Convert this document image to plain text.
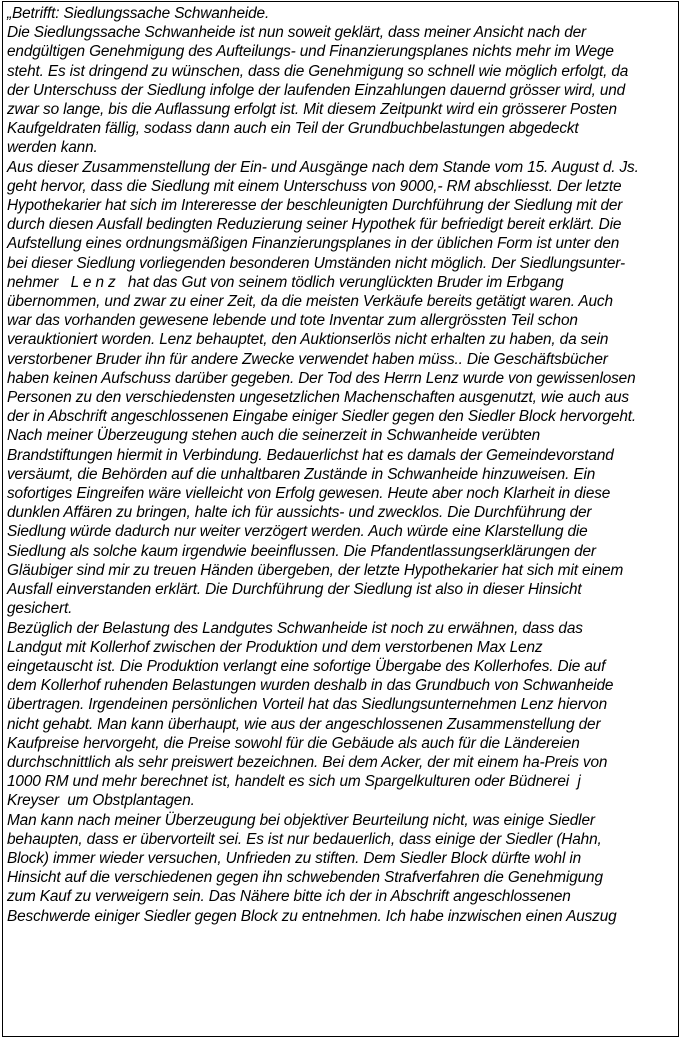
„Betrifft: Siedlungssache Schwanheide.
Die Siedlungssache Schwanheide ist nun soweit geklärt, dass meiner Ansicht nach der
endgültigen Genehmigung des Aufteilungs- und Finanzierungsplanes nichts mehr im Wege
steht. Es ist dringend zu wünschen, dass die Genehmigung so schnell wie möglich erfolgt, da
der Unterschuss der Siedlung infolge der laufenden Einzahlungen dauernd grösser wird, und
zwar so lange, bis die Auflassung erfolgt ist. Mit diesem Zeitpunkt wird ein grösserer Posten
Kaufgeldraten fällig, sodass dann auch ein Teil der Grundbuchbelastungen abgedeckt
werden kann.
Aus dieser Zusammenstellung der Ein- und Ausgänge nach dem Stande vom 15. August d. Js.
geht hervor, dass die Siedlung mit einem Unterschuss von 9000,- RM abschliesst. Der letzte
Hypothekarier hat sich im Intereresse der beschleunigten Durchführung der Siedlung mit der
durch diesen Ausfall bedingten Reduzierung seiner Hypothek für befriedigt bereit erklärt. Die
Aufstellung eines ordnungsmäßigen Finanzierungsplanes in der üblichen Form ist unter den
bei dieser Siedlung vorliegenden besonderen Umständen nicht möglich. Der Siedlungsunter-
nehmer   L e n z   hat das Gut von seinem tödlich verunglückten Bruder im Erbgang
übernommen, und zwar zu einer Zeit, da die meisten Verkäufe bereits getätigt waren. Auch
war das vorhanden gewesene lebende und tote Inventar zum allergrössten Teil schon
verauktioniert worden. Lenz behauptet, den Auktionserlös nicht erhalten zu haben, da sein
verstorbener Bruder ihn für andere Zwecke verwendet haben müss.. Die Geschäftsbücher
haben keinen Aufschuss darüber gegeben. Der Tod des Herrn Lenz wurde von gewissenlosen
Personen zu den verschiedensten ungesetzlichen Machenschaften ausgenutzt, wie auch aus
der in Abschrift angeschlossenen Eingabe einiger Siedler gegen den Siedler Block hervorgeht.
Nach meiner Überzeugung stehen auch die seinerzeit in Schwanheide verübten
Brandstiftungen hiermit in Verbindung. Bedauerlichst hat es damals der Gemeindevorstand
versäumt, die Behörden auf die unhaltbaren Zustände in Schwanheide hinzuweisen. Ein
sofortiges Eingreifen wäre vielleicht von Erfolg gewesen. Heute aber noch Klarheit in diese
dunklen Affären zu bringen, halte ich für aussichts- und zwecklos. Die Durchführung der
Siedlung würde dadurch nur weiter verzögert werden. Auch würde eine Klarstellung die
Siedlung als solche kaum irgendwie beeinflussen. Die Pfandentlassungserklärungen der
Gläubiger sind mir zu treuen Händen übergeben, der letzte Hypothekarier hat sich mit einem
Ausfall einverstanden erklärt. Die Durchführung der Siedlung ist also in dieser Hinsicht
gesichert.
Bezüglich der Belastung des Landgutes Schwanheide ist noch zu erwähnen, dass das
Landgut mit Kollerhof zwischen der Produktion und dem verstorbenen Max Lenz
eingetauscht ist. Die Produktion verlangt eine sofortige Übergabe des Kollerhofes. Die auf
dem Kollerhof ruhenden Belastungen wurden deshalb in das Grundbuch von Schwanheide
übertragen. Irgendeinen persönlichen Vorteil hat das Siedlungsunternehmen Lenz hiervon
nicht gehabt. Man kann überhaupt, wie aus der angeschlossenen Zusammenstellung der
Kaufpreise hervorgeht, die Preise sowohl für die Gebäude als auch für die Ländereien
durchschnittlich als sehr preiswert bezeichnen. Bei dem Acker, der mit einem ha-Preis von
1000 RM und mehr berechnet ist, handelt es sich um Spargelkulturen oder Büdnerei  j
Kreyser  um Obstplantagen.
Man kann nach meiner Überzeugung bei objektiver Beurteilung nicht, was einige Siedler
behaupten, dass er übervorteilt sei. Es ist nur bedauerlich, dass einige der Siedler (Hahn,
Block) immer wieder versuchen, Unfrieden zu stiften. Dem Siedler Block dürfte wohl in
Hinsicht auf die verschiedenen gegen ihn schwebenden Strafverfahren die Genehmigung
zum Kauf zu verweigern sein. Das Nähere bitte ich der in Abschrift angeschlossenen
Beschwerde einiger Siedler gegen Block zu entnehmen. Ich habe inzwischen einen Auszug
